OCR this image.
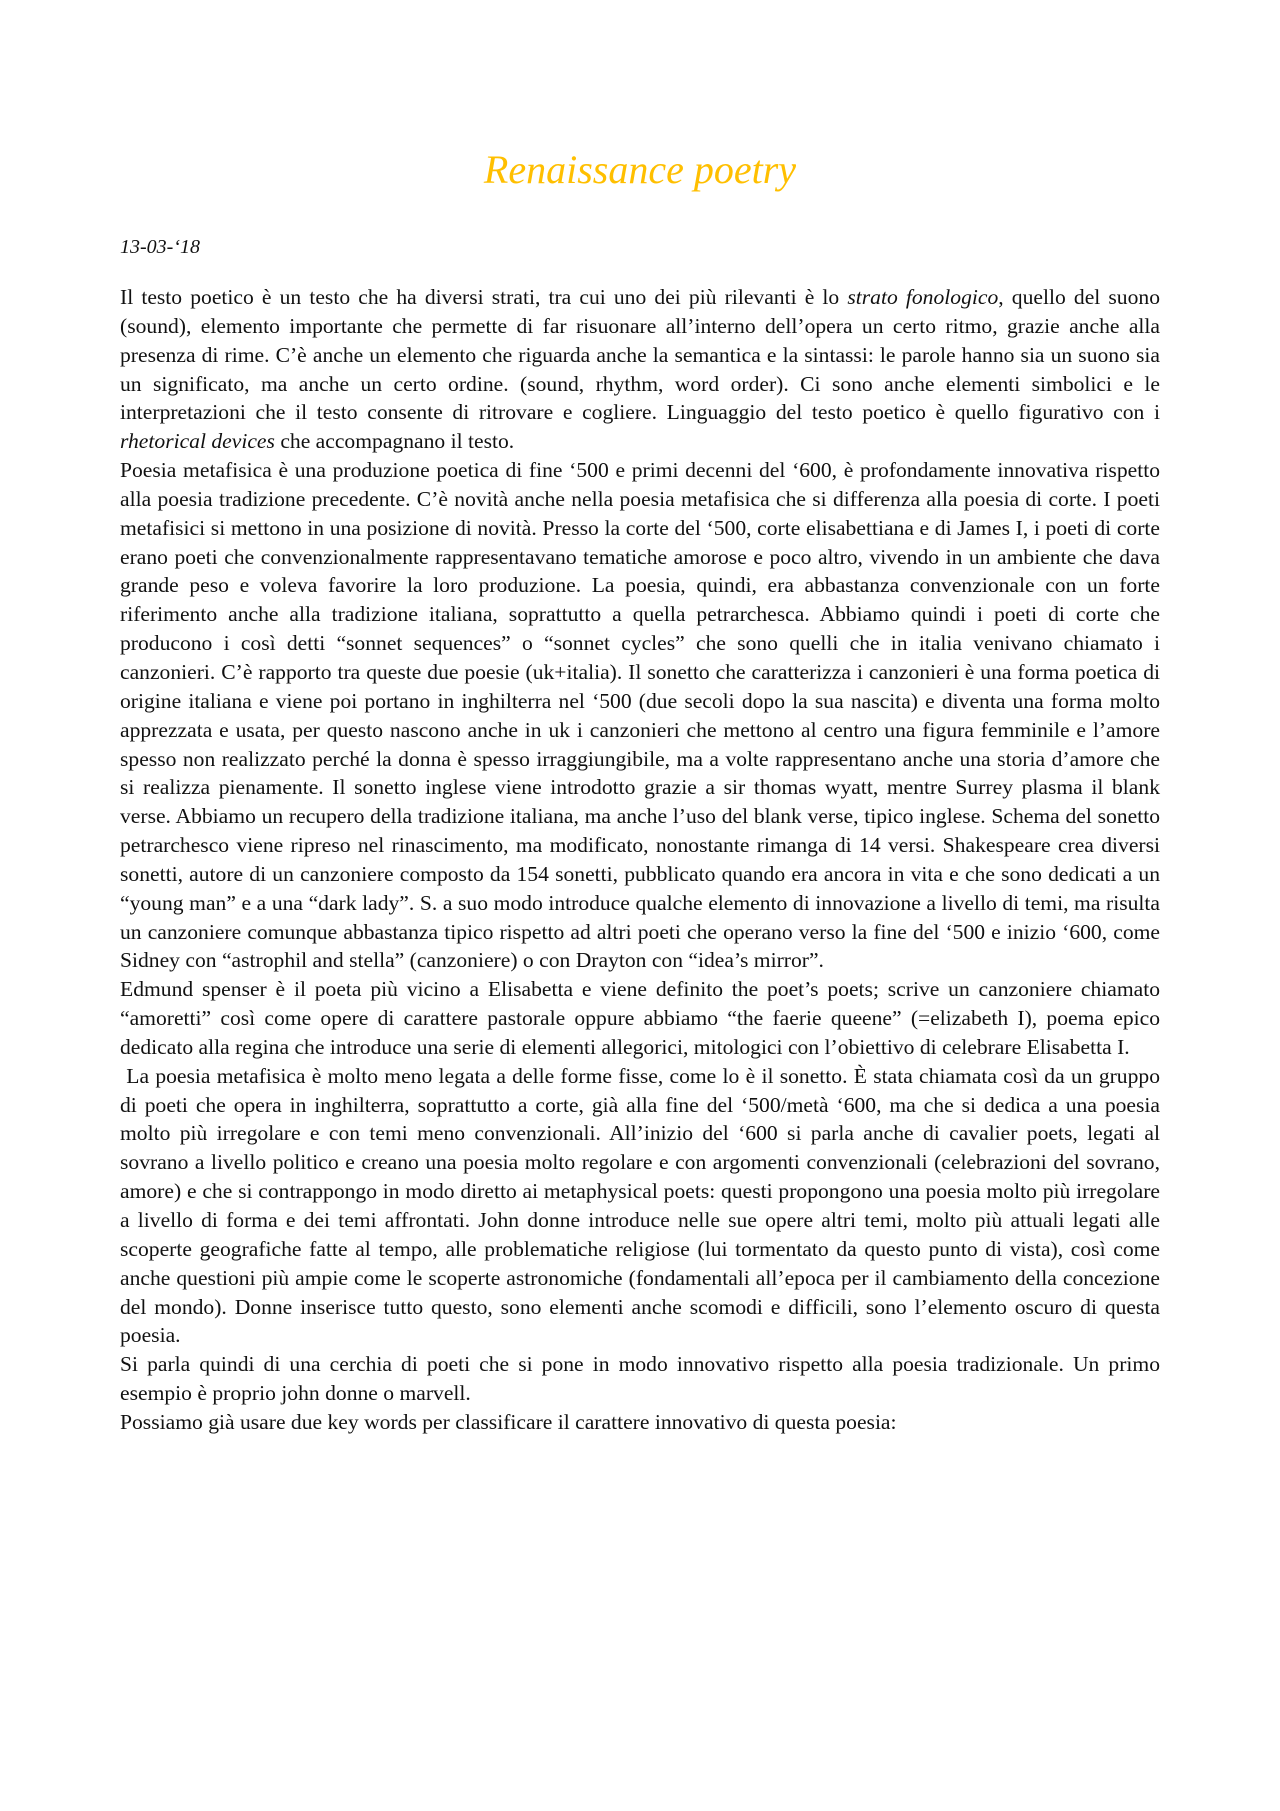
Renaissance poetry
13-03-‘18

Il testo poetico è un testo che ha diversi strati, tra cui uno dei più rilevanti è lo strato fonologico, quello del suono (sound), elemento importante che permette di far risuonare all’interno dell’opera un certo ritmo, grazie anche alla presenza di rime. C’è anche un elemento che riguarda anche la semantica e la sintassi: le parole hanno sia un suono sia un significato, ma anche un certo ordine. (sound, rhythm, word order). Ci sono anche elementi simbolici e le interpretazioni che il testo consente di ritrovare e cogliere. Linguaggio del testo poetico è quello figurativo con i rhetorical devices che accompagnano il testo.

Poesia metafisica è una produzione poetica di fine ‘500 e primi decenni del ‘600, è profondamente innovativa rispetto alla poesia tradizione precedente. C’è novità anche nella poesia metafisica che si differenza alla poesia di corte. I poeti metafisici si mettono in una posizione di novità. Presso la corte del ‘500, corte elisabettiana e di James I, i poeti di corte erano poeti che convenzionalmente rappresentavano tematiche amorose e poco altro, vivendo in un ambiente che dava grande peso e voleva favorire la loro produzione. La poesia, quindi, era abbastanza convenzionale con un forte riferimento anche alla tradizione italiana, soprattutto a quella petrarchesca. Abbiamo quindi i poeti di corte che producono i così detti “sonnet sequences” o “sonnet cycles” che sono quelli che in italia venivano chiamato i canzonieri. C’è rapporto tra queste due poesie (uk+italia). Il sonetto che caratterizza i canzonieri è una forma poetica di origine italiana e viene poi portano in inghilterra nel ‘500 (due secoli dopo la sua nascita) e diventa una forma molto apprezzata e usata, per questo nascono anche in uk i canzonieri che mettono al centro una figura femminile e l’amore spesso non realizzato perché la donna è spesso irraggiungibile, ma a volte rappresentano anche una storia d’amore che si realizza pienamente. Il sonetto inglese viene introdotto grazie a sir thomas wyatt, mentre Surrey plasma il blank verse. Abbiamo un recupero della tradizione italiana, ma anche l’uso del blank verse, tipico inglese. Schema del sonetto petrarchesco viene ripreso nel rinascimento, ma modificato, nonostante rimanga di 14 versi. Shakespeare crea diversi sonetti, autore di un canzoniere composto da 154 sonetti, pubblicato quando era ancora in vita e che sono dedicati a un “young man” e a una “dark lady”. S. a suo modo introduce qualche elemento di innovazione a livello di temi, ma risulta un canzoniere comunque abbastanza tipico rispetto ad altri poeti che operano verso la fine del ‘500 e inizio ‘600, come Sidney con “astrophil and stella” (canzoniere) o con Drayton con “idea’s mirror”.

Edmund spenser è il poeta più vicino a Elisabetta e viene definito the poet’s poets; scrive un canzoniere chiamato “amoretti” così come opere di carattere pastorale oppure abbiamo “the faerie queene” (=elizabeth I), poema epico dedicato alla regina che introduce una serie di elementi allegorici, mitologici con l’obiettivo di celebrare Elisabetta I.

La poesia metafisica è molto meno legata a delle forme fisse, come lo è il sonetto. È stata chiamata così da un gruppo di poeti che opera in inghilterra, soprattutto a corte, già alla fine del ‘500/metà ‘600, ma che si dedica a una poesia molto più irregolare e con temi meno convenzionali. All’inizio del ‘600 si parla anche di cavalier poets, legati al sovrano a livello politico e creano una poesia molto regolare e con argomenti convenzionali (celebrazioni del sovrano, amore) e che si contrappongo in modo diretto ai metaphysical poets: questi propongono una poesia molto più irregolare a livello di forma e dei temi affrontati. John donne introduce nelle sue opere altri temi, molto più attuali legati alle scoperte geografiche fatte al tempo, alle problematiche religiose (lui tormentato da questo punto di vista), così come anche questioni più ampie come le scoperte astronomiche (fondamentali all’epoca per il cambiamento della concezione del mondo). Donne inserisce tutto questo, sono elementi anche scomodi e difficili, sono l’elemento oscuro di questa poesia.

Si parla quindi di una cerchia di poeti che si pone in modo innovativo rispetto alla poesia tradizionale. Un primo esempio è proprio john donne o marvell.

Possiamo già usare due key words per classificare il carattere innovativo di questa poesia:
